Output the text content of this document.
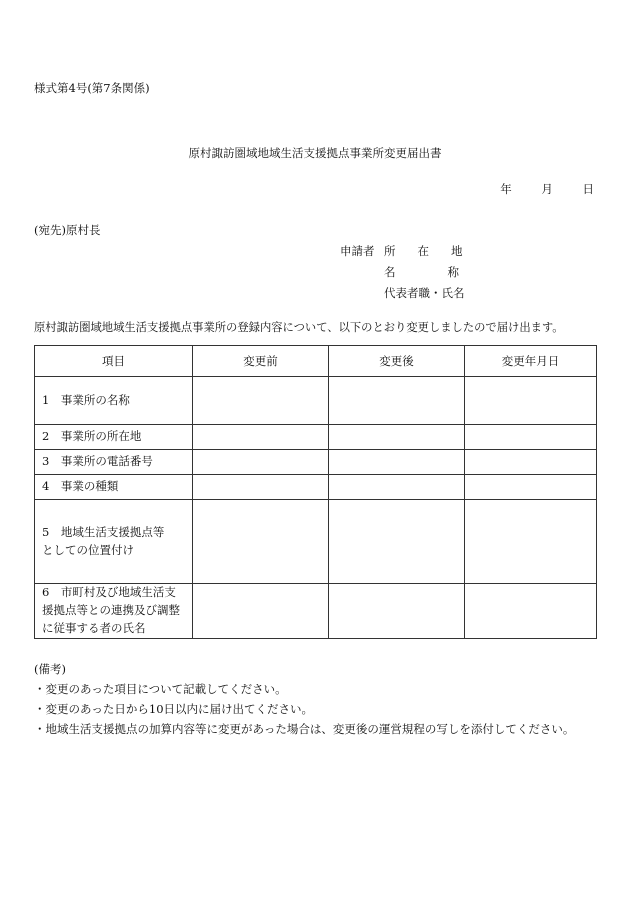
様式第4号(第7条関係)
原村諏訪圏域地域生活支援拠点事業所変更届出書
年	月	日
(宛先)原村長
申請者 所在地
名称
代表者職・氏名
原村諏訪圏域地域生活支援拠点事業所の登録内容について、以下のとおり変更しましたので届け出ます。
項目	変更前	変更後	変更年月日

1　事業所の名称			

2　事業所の所在地			

3　事業所の電話番号			

4　事業の種類			

5　地域生活支援拠点等
としての位置付け			

6　市町村及び地域生活支
援拠点等との連携及び調整
に従事する者の氏名			

(備考)
・変更のあった項目について記載してください。
・変更のあった日から10日以内に届け出てください。
・地域生活支援拠点の加算内容等に変更があった場合は、変更後の運営規程の写しを添付してください。
